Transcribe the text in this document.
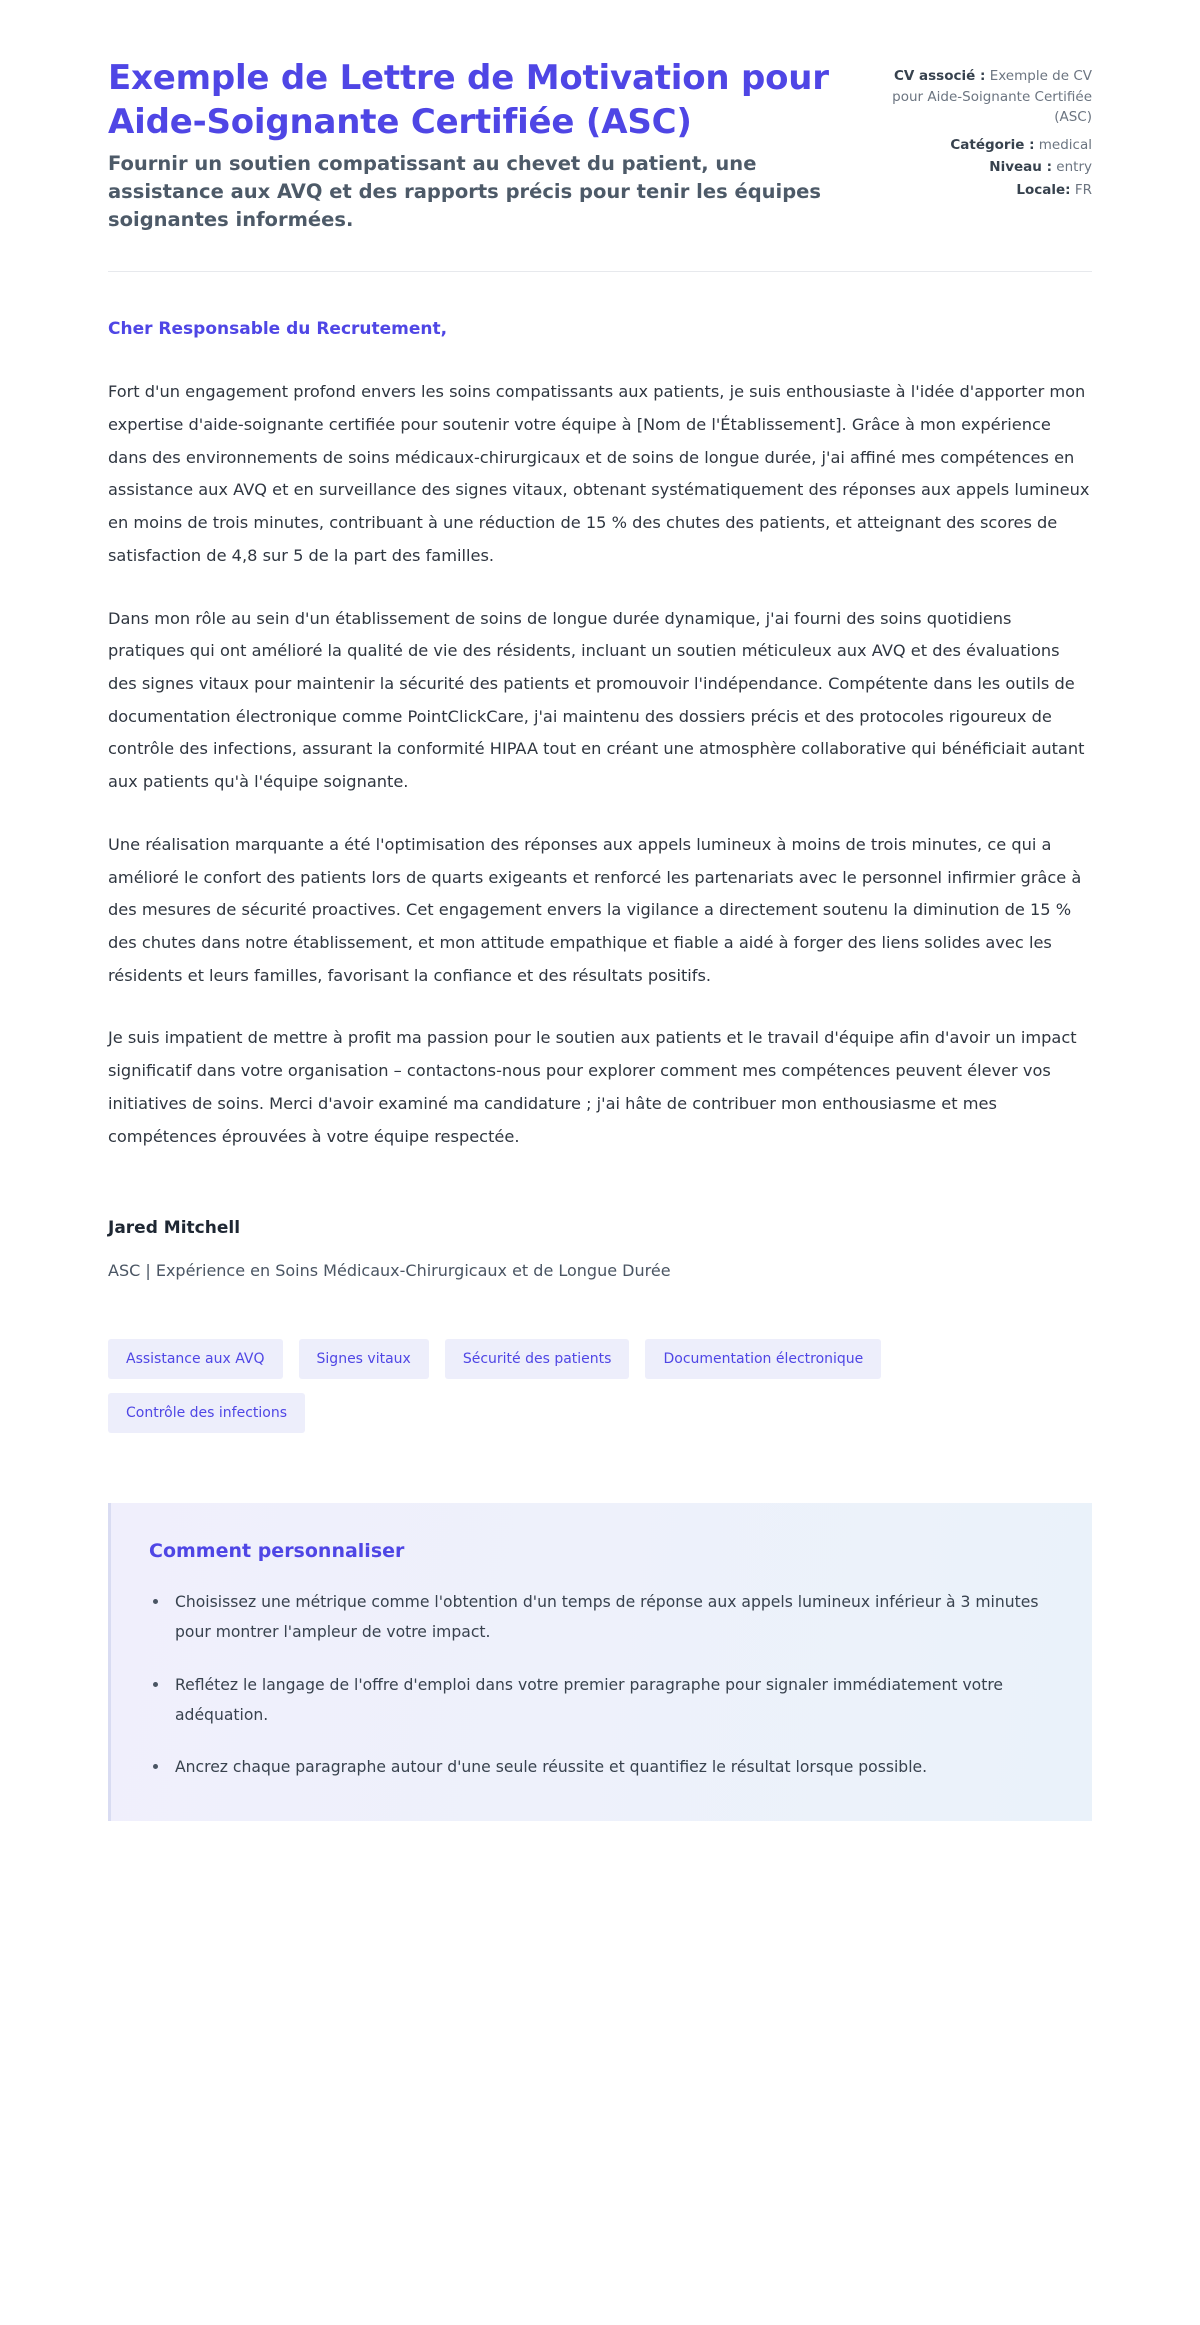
Exemple de Lettre de Motivation pour Aide-Soignante Certifiée (ASC)

Fournir un soutien compatissant au chevet du patient, une assistance aux AVQ et des rapports précis pour tenir les équipes soignantes informées.

CV associé : Exemple de CV pour Aide-Soignante Certifiée (ASC)

Catégorie : medical

Niveau : entry

Locale: FR

Cher Responsable du Recrutement,

Fort d'un engagement profond envers les soins compatissants aux patients, je suis enthousiaste à l'idée d'apporter mon expertise d'aide-soignante certifiée pour soutenir votre équipe à [Nom de l'Établissement]. Grâce à mon expérience dans des environnements de soins médicaux-chirurgicaux et de soins de longue durée, j'ai affiné mes compétences en assistance aux AVQ et en surveillance des signes vitaux, obtenant systématiquement des réponses aux appels lumineux en moins de trois minutes, contribuant à une réduction de 15 % des chutes des patients, et atteignant des scores de satisfaction de 4,8 sur 5 de la part des familles.

Dans mon rôle au sein d'un établissement de soins de longue durée dynamique, j'ai fourni des soins quotidiens pratiques qui ont amélioré la qualité de vie des résidents, incluant un soutien méticuleux aux AVQ et des évaluations des signes vitaux pour maintenir la sécurité des patients et promouvoir l'indépendance. Compétente dans les outils de documentation électronique comme PointClickCare, j'ai maintenu des dossiers précis et des protocoles rigoureux de contrôle des infections, assurant la conformité HIPAA tout en créant une atmosphère collaborative qui bénéficiait autant aux patients qu'à l'équipe soignante.

Une réalisation marquante a été l'optimisation des réponses aux appels lumineux à moins de trois minutes, ce qui a amélioré le confort des patients lors de quarts exigeants et renforcé les partenariats avec le personnel infirmier grâce à des mesures de sécurité proactives. Cet engagement envers la vigilance a directement soutenu la diminution de 15 % des chutes dans notre établissement, et mon attitude empathique et fiable a aidé à forger des liens solides avec les résidents et leurs familles, favorisant la confiance et des résultats positifs.

Je suis impatient de mettre à profit ma passion pour le soutien aux patients et le travail d'équipe afin d'avoir un impact significatif dans votre organisation – contactons-nous pour explorer comment mes compétences peuvent élever vos initiatives de soins. Merci d'avoir examiné ma candidature ; j'ai hâte de contribuer mon enthousiasme et mes compétences éprouvées à votre équipe respectée.

Jared Mitchell

ASC | Expérience en Soins Médicaux-Chirurgicaux et de Longue Durée

Assistance aux AVQ	Signes vitaux	Sécurité des patients	Documentation électronique
Contrôle des infections

Comment personnaliser

Choisissez une métrique comme l'obtention d'un temps de réponse aux appels lumineux inférieur à 3 minutes pour montrer l'ampleur de votre impact.
Reflétez le langage de l'offre d'emploi dans votre premier paragraphe pour signaler immédiatement votre adéquation.
Ancrez chaque paragraphe autour d'une seule réussite et quantifiez le résultat lorsque possible.
